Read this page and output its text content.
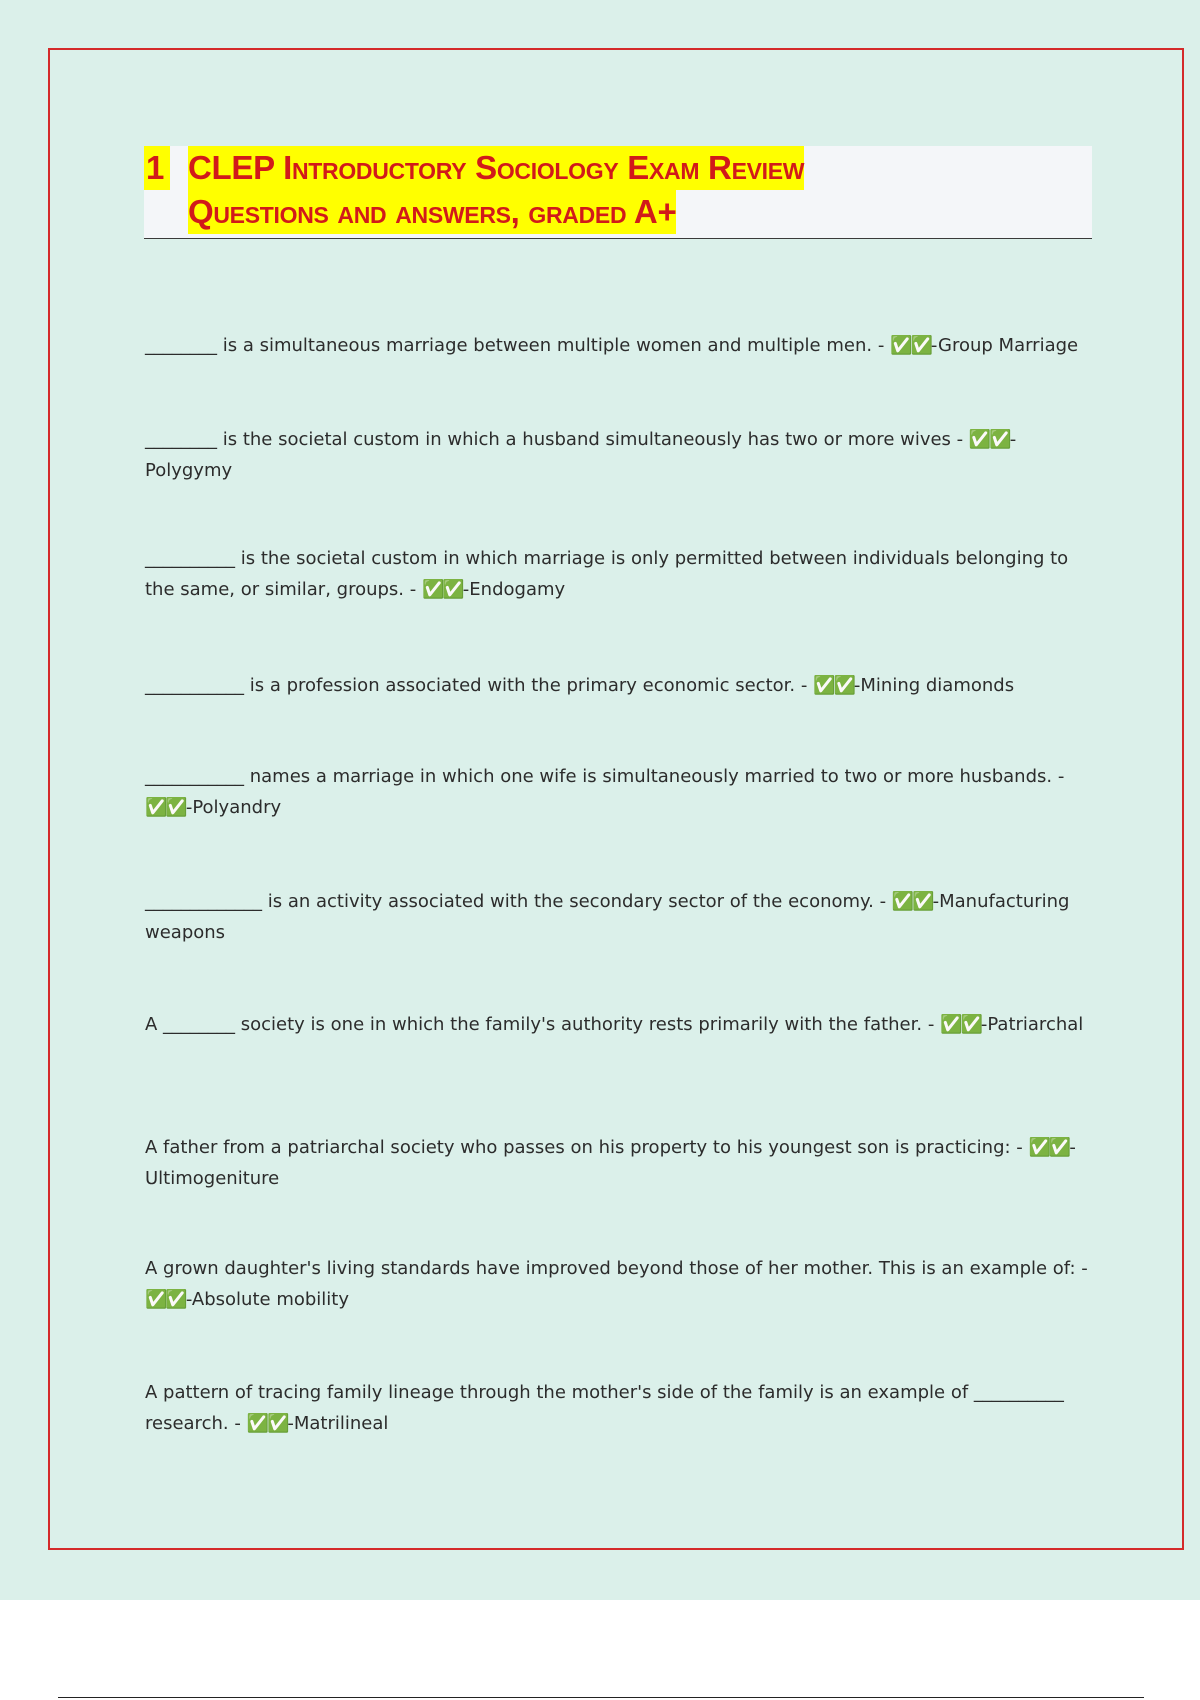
1 CLEP Introductory Sociology Exam Review
Questions and answers, graded A+

________ is a simultaneous marriage between multiple women and multiple men. - ✅✅-Group Marriage

________ is the societal custom in which a husband simultaneously has two or more wives - ✅✅-Polygymy

__________ is the societal custom in which marriage is only permitted between individuals belonging to the same, or similar, groups. - ✅✅-Endogamy

___________ is a profession associated with the primary economic sector. - ✅✅-Mining diamonds

___________ names a marriage in which one wife is simultaneously married to two or more husbands. - ✅✅-Polyandry

_____________ is an activity associated with the secondary sector of the economy. - ✅✅-Manufacturing weapons

A ________ society is one in which the family's authority rests primarily with the father. - ✅✅-Patriarchal

A father from a patriarchal society who passes on his property to his youngest son is practicing: - ✅✅-Ultimogeniture

A grown daughter's living standards have improved beyond those of her mother. This is an example of: - ✅✅-Absolute mobility

A pattern of tracing family lineage through the mother's side of the family is an example of __________ research. - ✅✅-Matrilineal
